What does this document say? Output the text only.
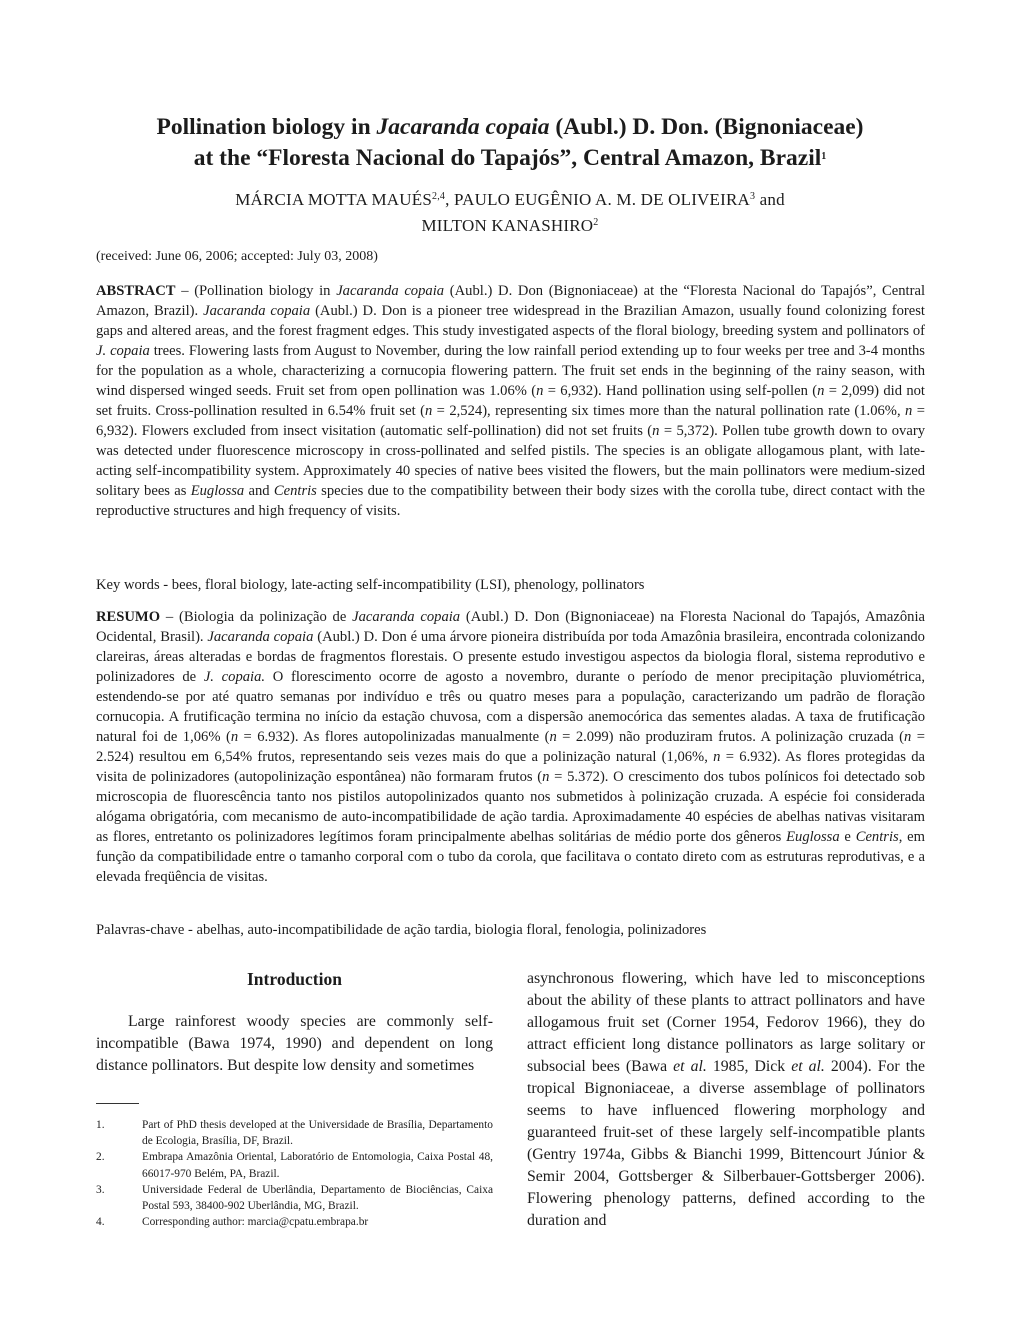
Pollination biology in Jacaranda copaia (Aubl.) D. Don. (Bignoniaceae)
at the “Floresta Nacional do Tapajós”, Central Amazon, Brazil$^1$
MÁRCIA MOTTA MAUÉS$^{2,4}$, PAULO EUGÊNIO A. M. DE OLIVEIRA$^3$ and
MILTON KANASHIRO$^2$
(received: June 06, 2006; accepted: July 03, 2008)
ABSTRACT – (Pollination biology in Jacaranda copaia (Aubl.) D. Don (Bignoniaceae) at the “Floresta Nacional do Tapajós”, Central Amazon, Brazil). Jacaranda copaia (Aubl.) D. Don is a pioneer tree widespread in the Brazilian Amazon, usually found colonizing forest gaps and altered areas, and the forest fragment edges. This study investigated aspects of the floral biology, breeding system and pollinators of J. copaia trees. Flowering lasts from August to November, during the low rainfall period extending up to four weeks per tree and 3-4 months for the population as a whole, characterizing a cornucopia flowering pattern. The fruit set ends in the beginning of the rainy season, with wind dispersed winged seeds. Fruit set from open pollination was 1.06% (n = 6,932). Hand pollination using self-pollen (n = 2,099) did not set fruits. Cross-pollination resulted in 6.54% fruit set (n = 2,524), representing six times more than the natural pollination rate (1.06%, n = 6,932). Flowers excluded from insect visitation (automatic self-pollination) did not set fruits (n = 5,372). Pollen tube growth down to ovary was detected under fluorescence microscopy in cross-pollinated and selfed pistils. The species is an obligate allogamous plant, with late-acting self-incompatibility system. Approximately 40 species of native bees visited the flowers, but the main pollinators were medium-sized solitary bees as Euglossa and Centris species due to the compatibility between their body sizes with the corolla tube, direct contact with the reproductive structures and high frequency of visits.
Key words - bees, floral biology, late-acting self-incompatibility (LSI), phenology, pollinators
RESUMO – (Biologia da polinização de Jacaranda copaia (Aubl.) D. Don (Bignoniaceae) na Floresta Nacional do Tapajós, Amazônia Ocidental, Brasil). Jacaranda copaia (Aubl.) D. Don é uma árvore pioneira distribuída por toda Amazônia brasileira, encontrada colonizando clareiras, áreas alteradas e bordas de fragmentos florestais. O presente estudo investigou aspectos da biologia floral, sistema reprodutivo e polinizadores de J. copaia. O florescimento ocorre de agosto a novembro, durante o período de menor precipitação pluviométrica, estendendo-se por até quatro semanas por indivíduo e três ou quatro meses para a população, caracterizando um padrão de floração cornucopia. A frutificação termina no início da estação chuvosa, com a dispersão anemocórica das sementes aladas. A taxa de frutificação natural foi de 1,06% (n = 6.932). As flores autopolinizadas manualmente (n = 2.099) não produziram frutos. A polinização cruzada (n = 2.524) resultou em 6,54% frutos, representando seis vezes mais do que a polinização natural (1,06%, n = 6.932). As flores protegidas da visita de polinizadores (autopolinização espontânea) não formaram frutos (n = 5.372). O crescimento dos tubos polínicos foi detectado sob microscopia de fluorescência tanto nos pistilos autopolinizados quanto nos submetidos à polinização cruzada. A espécie foi considerada alógama obrigatória, com mecanismo de auto-incompatibilidade de ação tardia. Aproximadamente 40 espécies de abelhas nativas visitaram as flores, entretanto os polinizadores legítimos foram principalmente abelhas solitárias de médio porte dos gêneros Euglossa e Centris, em função da compatibilidade entre o tamanho corporal com o tubo da corola, que facilitava o contato direto com as estruturas reprodutivas, e a elevada freqüência de visitas.
Palavras-chave - abelhas, auto-incompatibilidade de ação tardia, biologia floral, fenologia, polinizadores
Introduction
Large rainforest woody species are commonly self-incompatible (Bawa 1974, 1990) and dependent on long distance pollinators. But despite low density and sometimes
asynchronous flowering, which have led to misconceptions about the ability of these plants to attract pollinators and have allogamous fruit set (Corner 1954, Fedorov 1966), they do attract efficient long distance pollinators as large solitary or subsocial bees (Bawa et al. 1985, Dick et al. 2004). For the tropical Bignoniaceae, a diverse assemblage of pollinators seems to have influenced flowering morphology and guaranteed fruit-set of these largely self-incompatible plants (Gentry 1974a, Gibbs & Bianchi 1999, Bittencourt Júnior & Semir 2004, Gottsberger & Silberbauer-Gottsberger 2006). Flowering phenology patterns, defined according to the duration and
1.	Part of PhD thesis developed at the Universidade de Brasília, Departamento de Ecologia, Brasília, DF, Brazil.
2.	Embrapa Amazônia Oriental, Laboratório de Entomologia, Caixa Postal 48, 66017-970 Belém, PA, Brazil.
3.	Universidade Federal de Uberlândia, Departamento de Biociências, Caixa Postal 593, 38400-902 Uberlândia, MG, Brazil.
4.	Corresponding author: marcia@cpatu.embrapa.br
